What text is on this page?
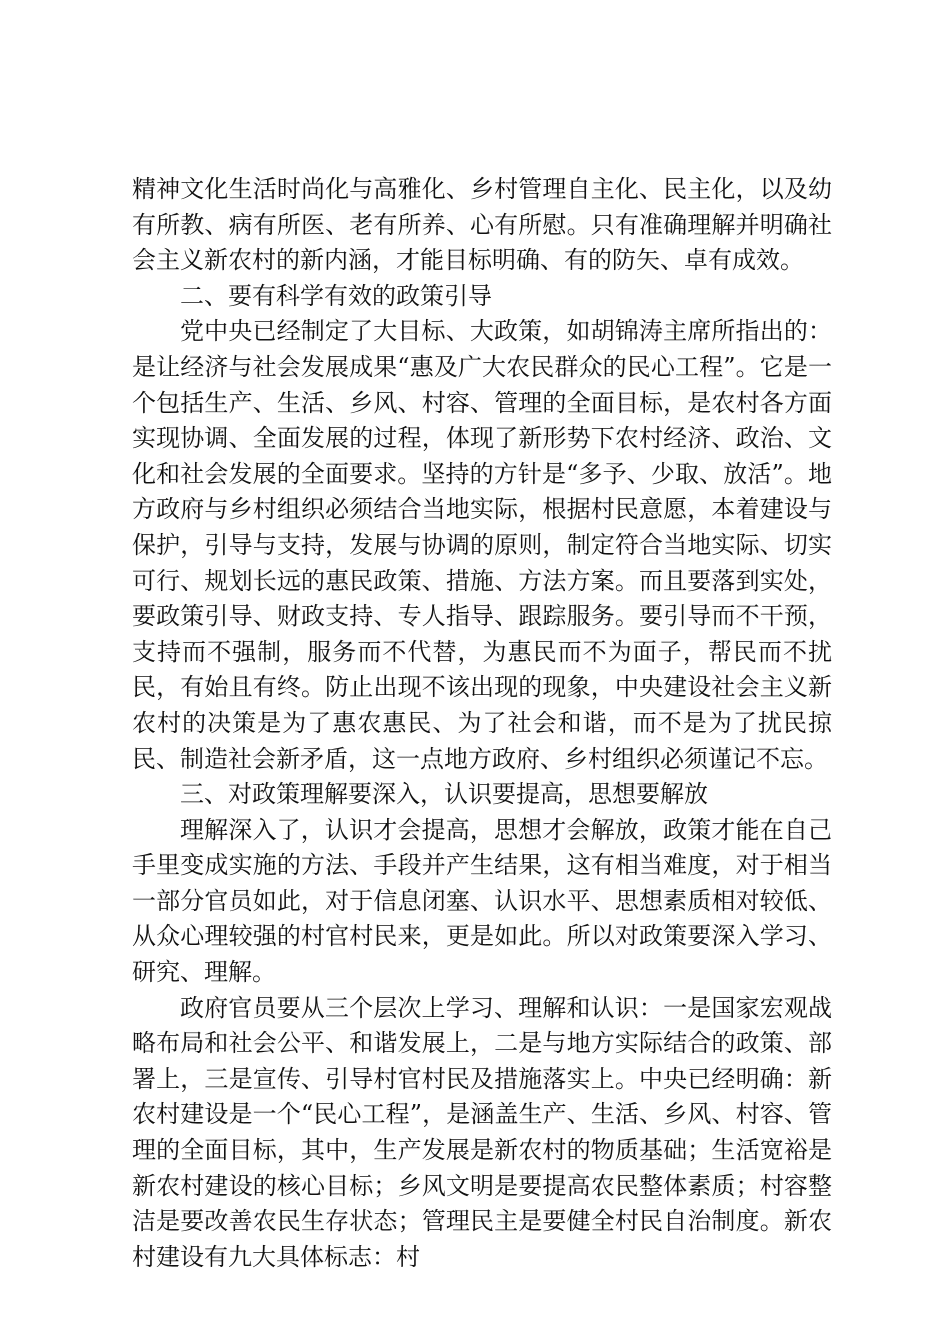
精神文化生活时尚化与高雅化、乡村管理自主化、民主化，以及幼有所教、病有所医、老有所养、心有所慰。只有准确理解并明确社会主义新农村的新内涵，才能目标明确、有的防矢、卓有成效。

二、要有科学有效的政策引导

党中央已经制定了大目标、大政策，如胡锦涛主席所指出的：是让经济与社会发展成果“惠及广大农民群众的民心工程”。它是一个包括生产、生活、乡风、村容、管理的全面目标，是农村各方面实现协调、全面发展的过程，体现了新形势下农村经济、政治、文化和社会发展的全面要求。坚持的方针是“多予、少取、放活”。地方政府与乡村组织必须结合当地实际，根据村民意愿，本着建设与保护，引导与支持，发展与协调的原则，制定符合当地实际、切实可行、规划长远的惠民政策、措施、方法方案。而且要落到实处，要政策引导、财政支持、专人指导、跟踪服务。要引导而不干预，支持而不强制，服务而不代替，为惠民而不为面子，帮民而不扰民，有始且有终。防止出现不该出现的现象，中央建设社会主义新农村的决策是为了惠农惠民、为了社会和谐，而不是为了扰民掠民、制造社会新矛盾，这一点地方政府、乡村组织必须谨记不忘。

三、对政策理解要深入，认识要提高，思想要解放

理解深入了，认识才会提高，思想才会解放，政策才能在自己手里变成实施的方法、手段并产生结果，这有相当难度，对于相当一部分官员如此，对于信息闭塞、认识水平、思想素质相对较低、从众心理较强的村官村民来，更是如此。所以对政策要深入学习、研究、理解。

政府官员要从三个层次上学习、理解和认识：一是国家宏观战略布局和社会公平、和谐发展上，二是与地方实际结合的政策、部署上，三是宣传、引导村官村民及措施落实上。中央已经明确：新农村建设是一个“民心工程”，是涵盖生产、生活、乡风、村容、管理的全面目标，其中，生产发展是新农村的物质基础；生活宽裕是新农村建设的核心目标；乡风文明是要提高农民整体素质；村容整洁是要改善农民生存状态；管理民主是要健全村民自治制度。新农村建设有九大具体标志：村
